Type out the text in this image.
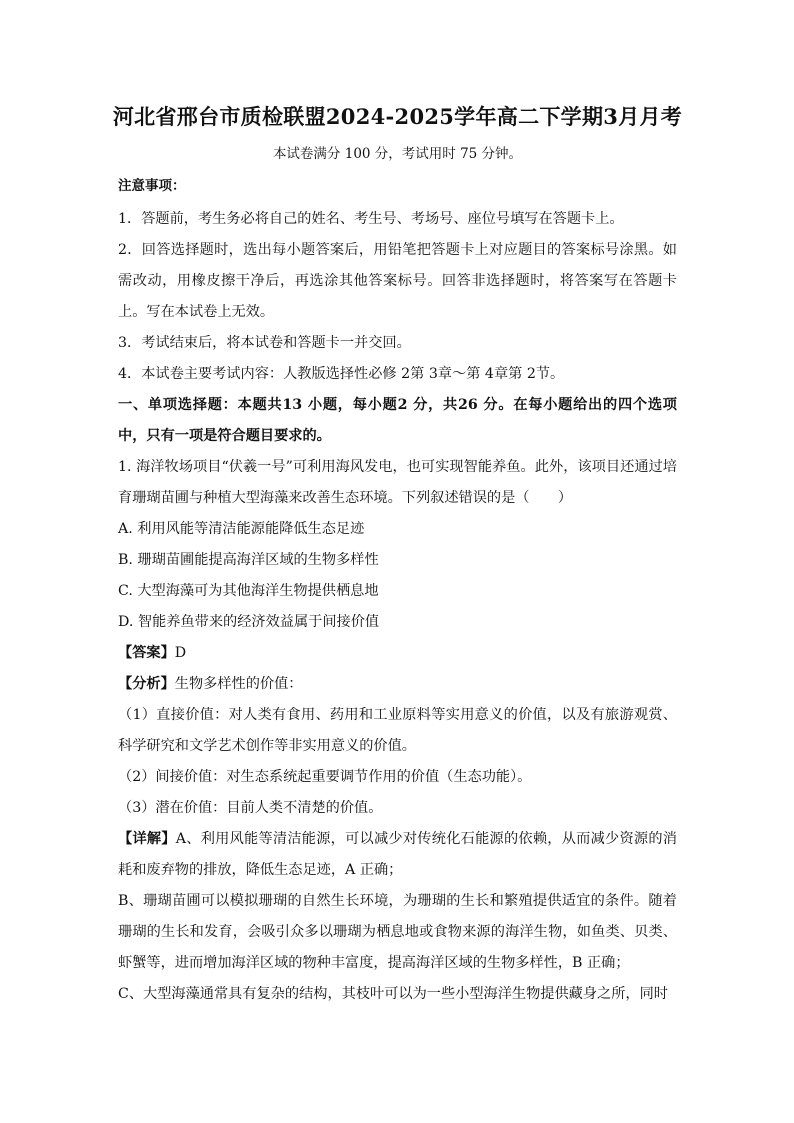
河北省邢台市质检联盟2024-2025学年高二下学期3月月考
本试卷满分 100 分，考试用时 75 分钟。
注意事项：

1．答题前，考生务必将自己的姓名、考生号、考场号、座位号填写在答题卡上。

2．回答选择题时，选出每小题答案后，用铅笔把答题卡上对应题目的答案标号涂黑。如需改动，用橡皮擦干净后，再选涂其他答案标号。回答非选择题时，将答案写在答题卡上。写在本试卷上无效。

3．考试结束后，将本试卷和答题卡一并交回。

4．本试卷主要考试内容：人教版选择性必修 2第 3章～第 4章第 2节。

一、单项选择题：本题共13 小题，每小题2 分，共26 分。在每小题给出的四个选项中，只有一项是符合题目要求的。

1. 海洋牧场项目“伏羲一号”可利用海风发电，也可实现智能养鱼。此外，该项目还通过培育珊瑚苗圃与种植大型海藻来改善生态环境。下列叙述错误的是（　　）

A. 利用风能等清洁能源能降低生态足迹

B. 珊瑚苗圃能提高海洋区域的生物多样性

C. 大型海藻可为其他海洋生物提供栖息地

D. 智能养鱼带来的经济效益属于间接价值

【答案】D

【分析】生物多样性的价值：

（1）直接价值：对人类有食用、药用和工业原料等实用意义的价值，以及有旅游观赏、科学研究和文学艺术创作等非实用意义的价值。

（2）间接价值：对生态系统起重要调节作用的价值（生态功能）。

（3）潜在价值：目前人类不清楚的价值。

【详解】A、利用风能等清洁能源，可以减少对传统化石能源的依赖，从而减少资源的消耗和废弃物的排放，降低生态足迹，A 正确；

B、珊瑚苗圃可以模拟珊瑚的自然生长环境，为珊瑚的生长和繁殖提供适宜的条件。随着珊瑚的生长和发育，会吸引众多以珊瑚为栖息地或食物来源的海洋生物，如鱼类、贝类、虾蟹等，进而增加海洋区域的物种丰富度，提高海洋区域的生物多样性，B 正确；

C、大型海藻通常具有复杂的结构，其枝叶可以为一些小型海洋生物提供藏身之所，同时
